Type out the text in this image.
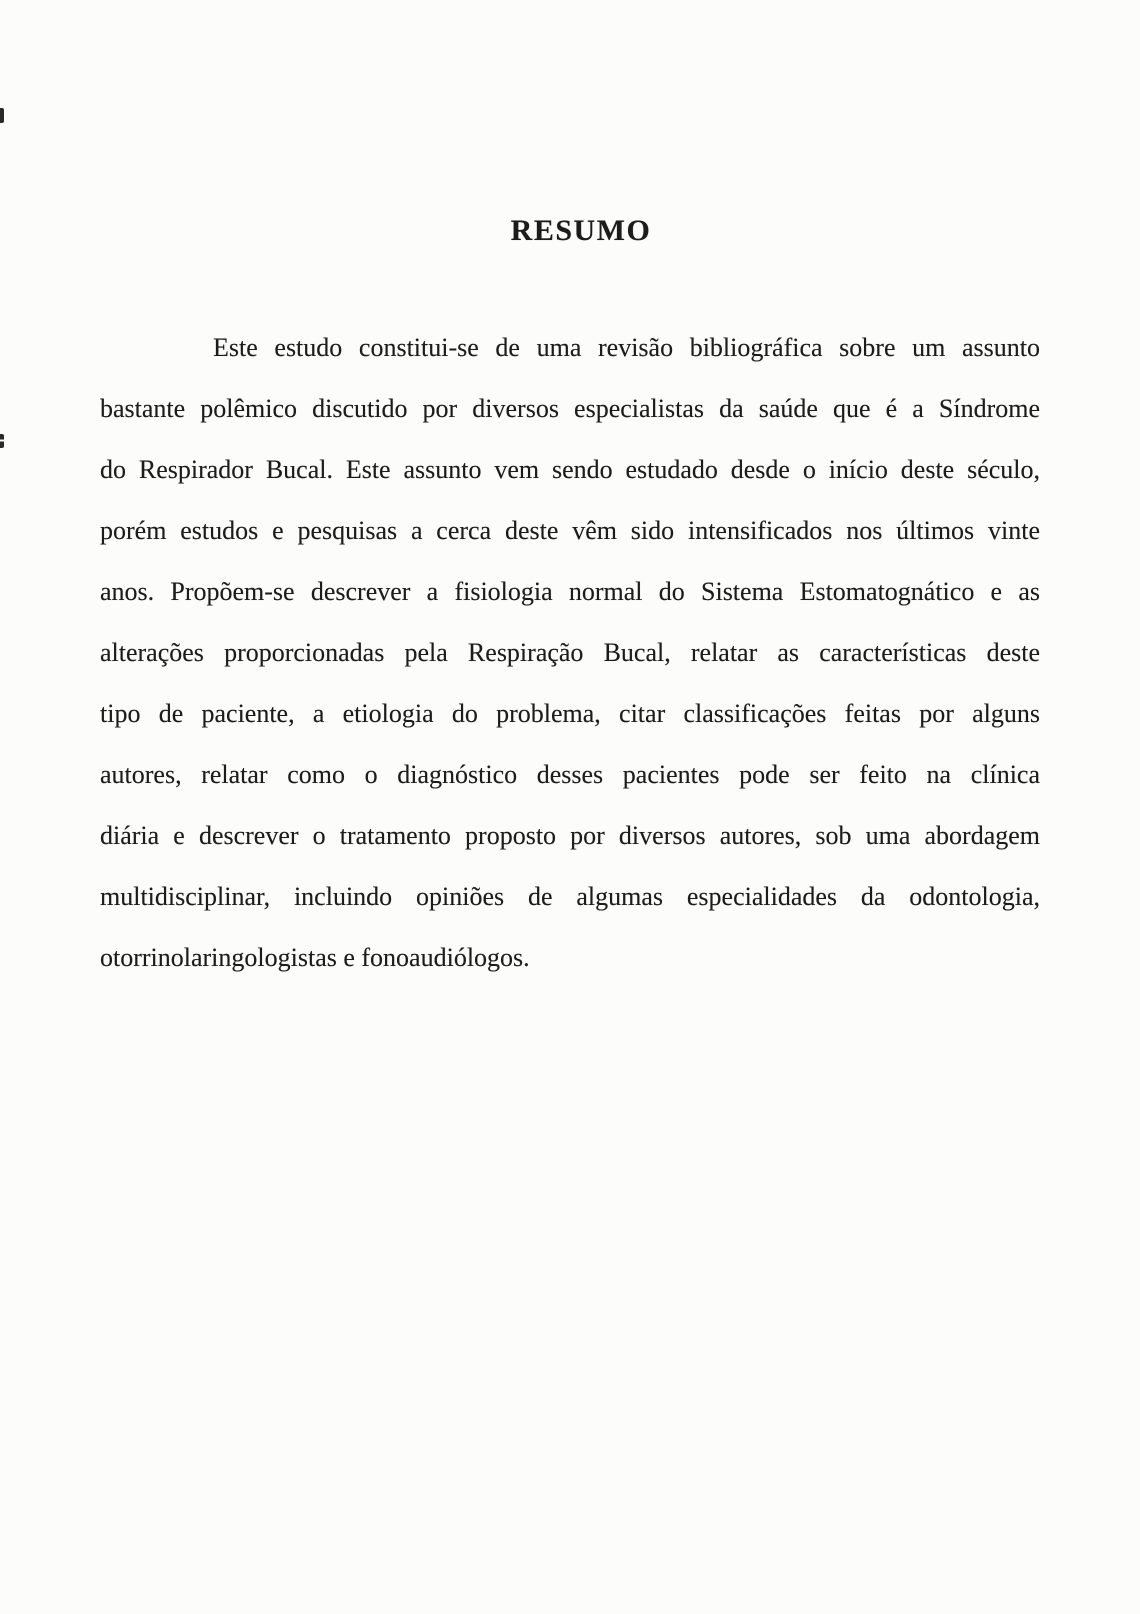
RESUMO
Este estudo constitui-se de uma revisão bibliográfica sobre um assunto
bastante polêmico discutido por diversos especialistas da saúde que é a Síndrome
do Respirador Bucal. Este assunto vem sendo estudado desde o início deste século,
porém estudos e pesquisas a cerca deste vêm sido intensificados nos últimos vinte
anos. Propõem-se descrever a fisiologia normal do Sistema Estomatognático e as
alterações proporcionadas pela Respiração Bucal, relatar as características deste
tipo de paciente, a etiologia do problema, citar classificações feitas por alguns
autores, relatar como o diagnóstico desses pacientes pode ser feito na clínica
diária e descrever o tratamento proposto por diversos autores, sob uma abordagem
multidisciplinar, incluindo opiniões de algumas especialidades da odontologia,
otorrinolaringologistas e fonoaudiólogos.
